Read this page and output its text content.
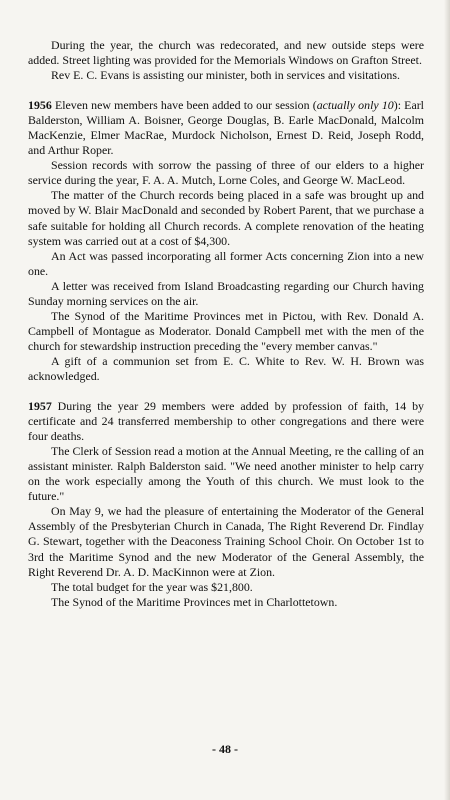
During the year, the church was redecorated, and new outside steps were added. Street lighting was provided for the Memorials Windows on Grafton Street.

Rev E. C. Evans is assisting our minister, both in services and visitations.

1956 Eleven new members have been added to our session (actually only 10): Earl Balderston, William A. Boisner, George Douglas, B. Earle MacDonald, Malcolm MacKenzie, Elmer MacRae, Murdock Nicholson, Ernest D. Reid, Joseph Rodd, and Arthur Roper.

Session records with sorrow the passing of three of our elders to a higher service during the year, F. A. A. Mutch, Lorne Coles, and George W. MacLeod.

The matter of the Church records being placed in a safe was brought up and moved by W. Blair MacDonald and seconded by Robert Parent, that we purchase a safe suitable for holding all Church records. A complete renovation of the heating system was carried out at a cost of $4,300.

An Act was passed incorporating all former Acts concerning Zion into a new one.

A letter was received from Island Broadcasting regarding our Church having Sunday morning services on the air.

The Synod of the Maritime Provinces met in Pictou, with Rev. Donald A. Campbell of Montague as Moderator. Donald Campbell met with the men of the church for stewardship instruction preceding the "every member canvas."

A gift of a communion set from E. C. White to Rev. W. H. Brown was acknowledged.

1957 During the year 29 members were added by profession of faith, 14 by certificate and 24 transferred membership to other congregations and there were four deaths.

The Clerk of Session read a motion at the Annual Meeting, re the calling of an assistant minister. Ralph Balderston said. "We need another minister to help carry on the work especially among the Youth of this church. We must look to the future."

On May 9, we had the pleasure of entertaining the Moderator of the General Assembly of the Presbyterian Church in Canada, The Right Reverend Dr. Findlay G. Stewart, together with the Deaconess Training School Choir. On October 1st to 3rd the Maritime Synod and the new Moderator of the General Assembly, the Right Reverend Dr. A. D. MacKinnon were at Zion.

The total budget for the year was $21,800.

The Synod of the Maritime Provinces met in Charlottetown.

- 48 -
